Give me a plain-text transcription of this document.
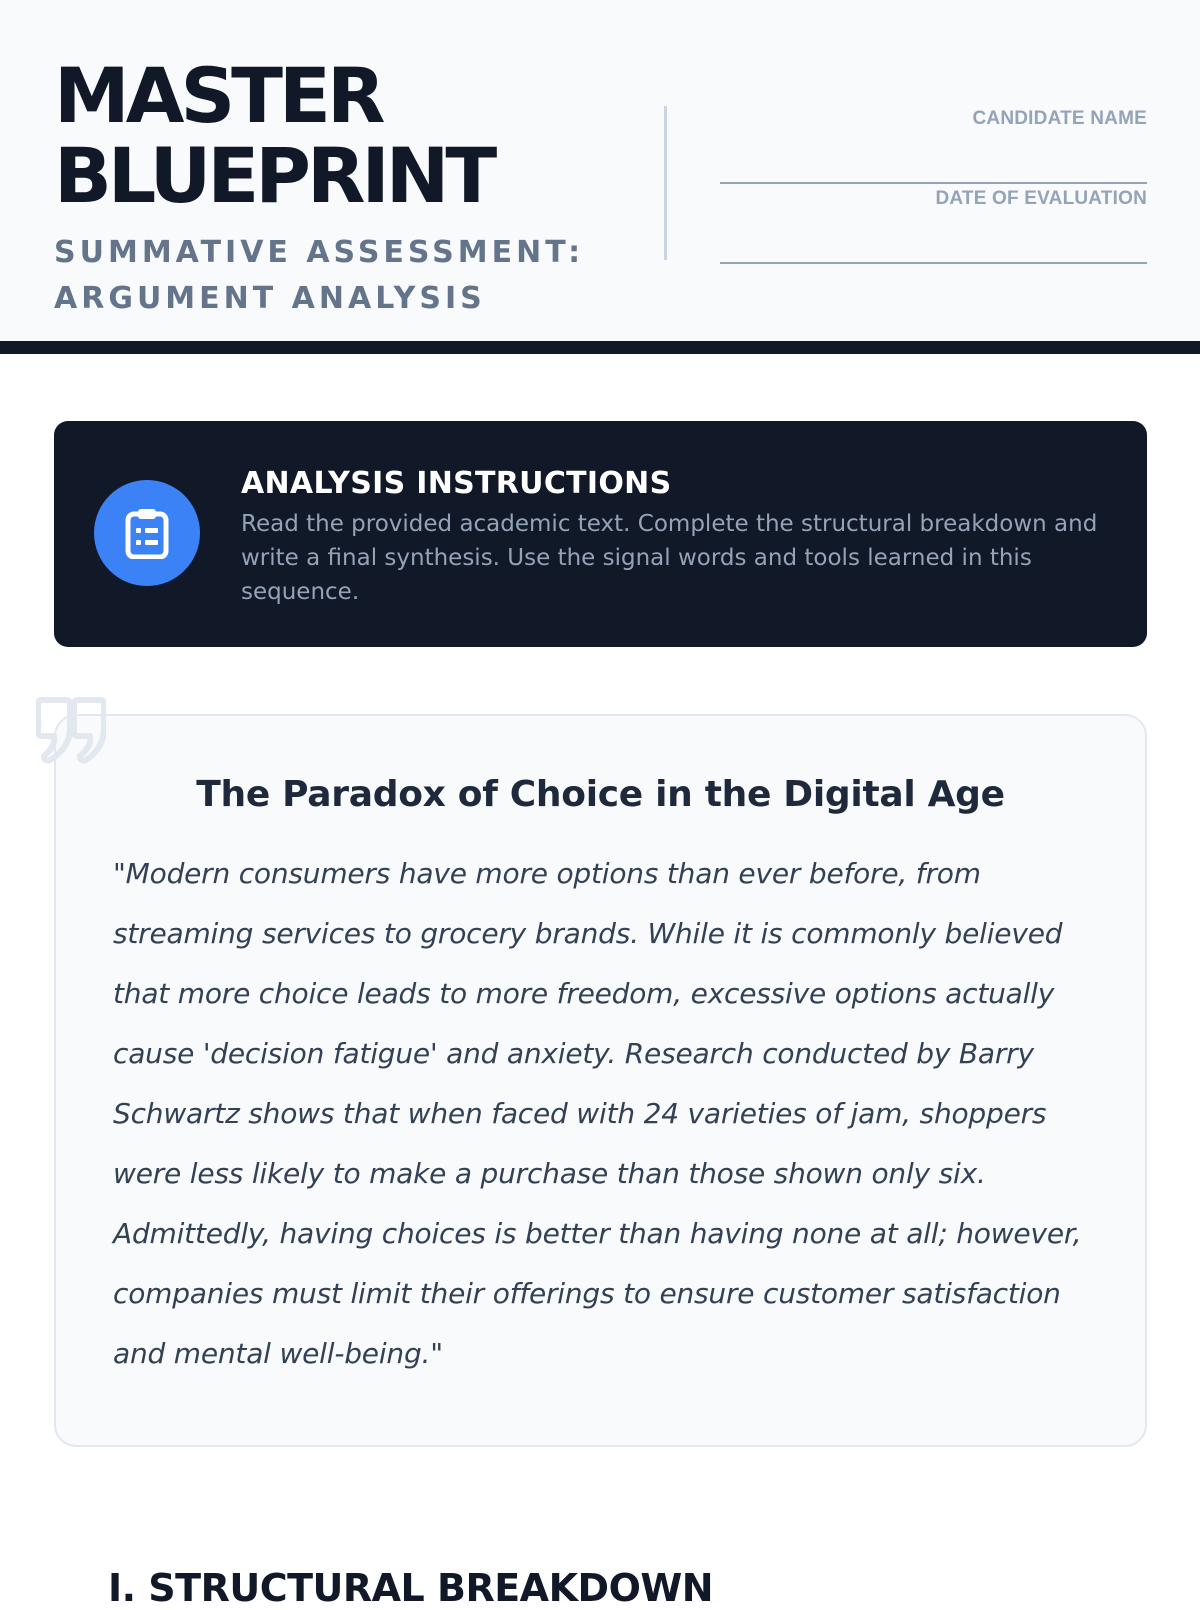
MASTER
BLUEPRINT
SUMMATIVE ASSESSMENT:
ARGUMENT ANALYSIS
CANDIDATE NAME
DATE OF EVALUATION
ANALYSIS INSTRUCTIONS
Read the provided academic text. Complete the structural breakdown and write a final synthesis. Use the signal words and tools learned in this sequence.
The Paradox of Choice in the Digital Age
"Modern consumers have more options than ever before, from streaming services to grocery brands. While it is commonly believed that more choice leads to more freedom, excessive options actually cause 'decision fatigue' and anxiety. Research conducted by Barry Schwartz shows that when faced with 24 varieties of jam, shoppers were less likely to make a purchase than those shown only six. Admittedly, having choices is better than having none at all; however, companies must limit their offerings to ensure customer satisfaction and mental well-being."
I. STRUCTURAL BREAKDOWN
